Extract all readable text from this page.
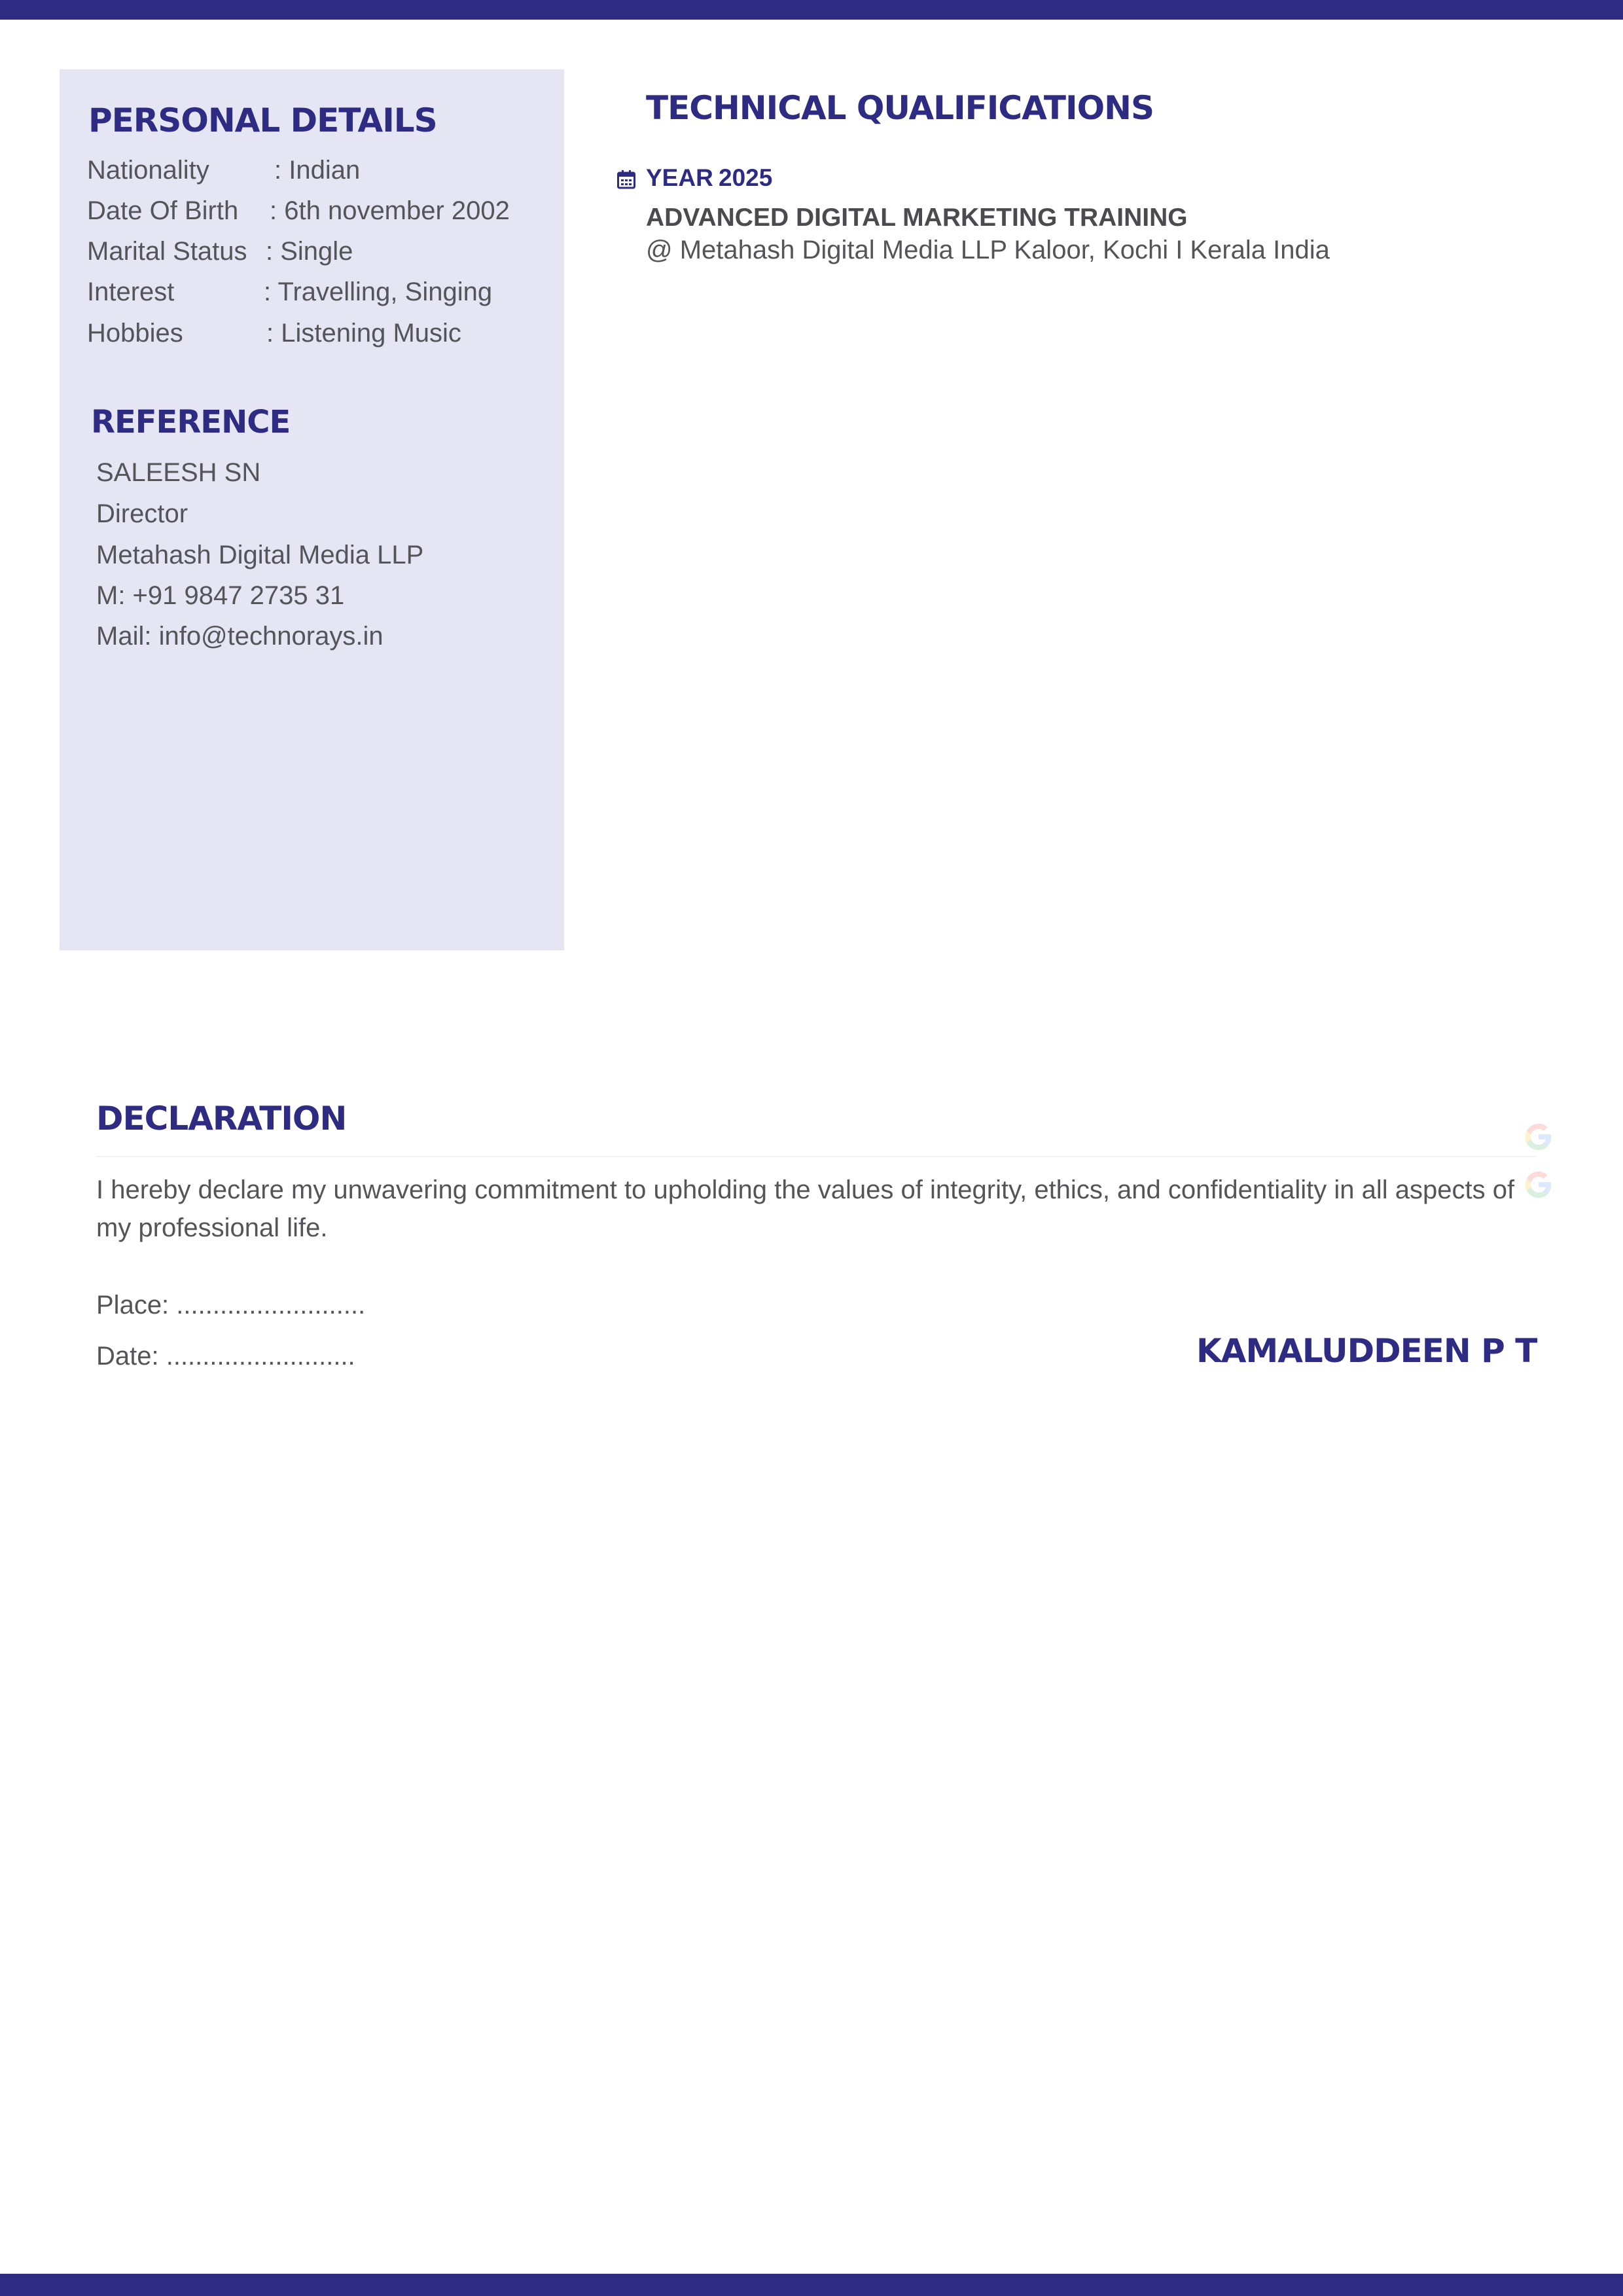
PERSONAL DETAILS
Nationality : Indian
Date Of Birth : 6th november 2002
Marital Status : Single
Interest	: Travelling, Singing
Hobbies	: Listening Music
REFERENCE
SALEESH SN
Director
Metahash Digital Media LLP
M: +91 9847 2735 31
Mail: info@technorays.in
TECHNICAL QUALIFICATIONS
YEAR 2025
ADVANCED DIGITAL MARKETING TRAINING
@ Metahash Digital Media LLP Kaloor, Kochi I Kerala India
DECLARATION

I hereby declare my unwavering commitment to upholding the values of integrity, ethics, and confidentiality in all aspects of my professional life.

Place: ..........................
Date: ..........................	KAMALUDDEEN P T
